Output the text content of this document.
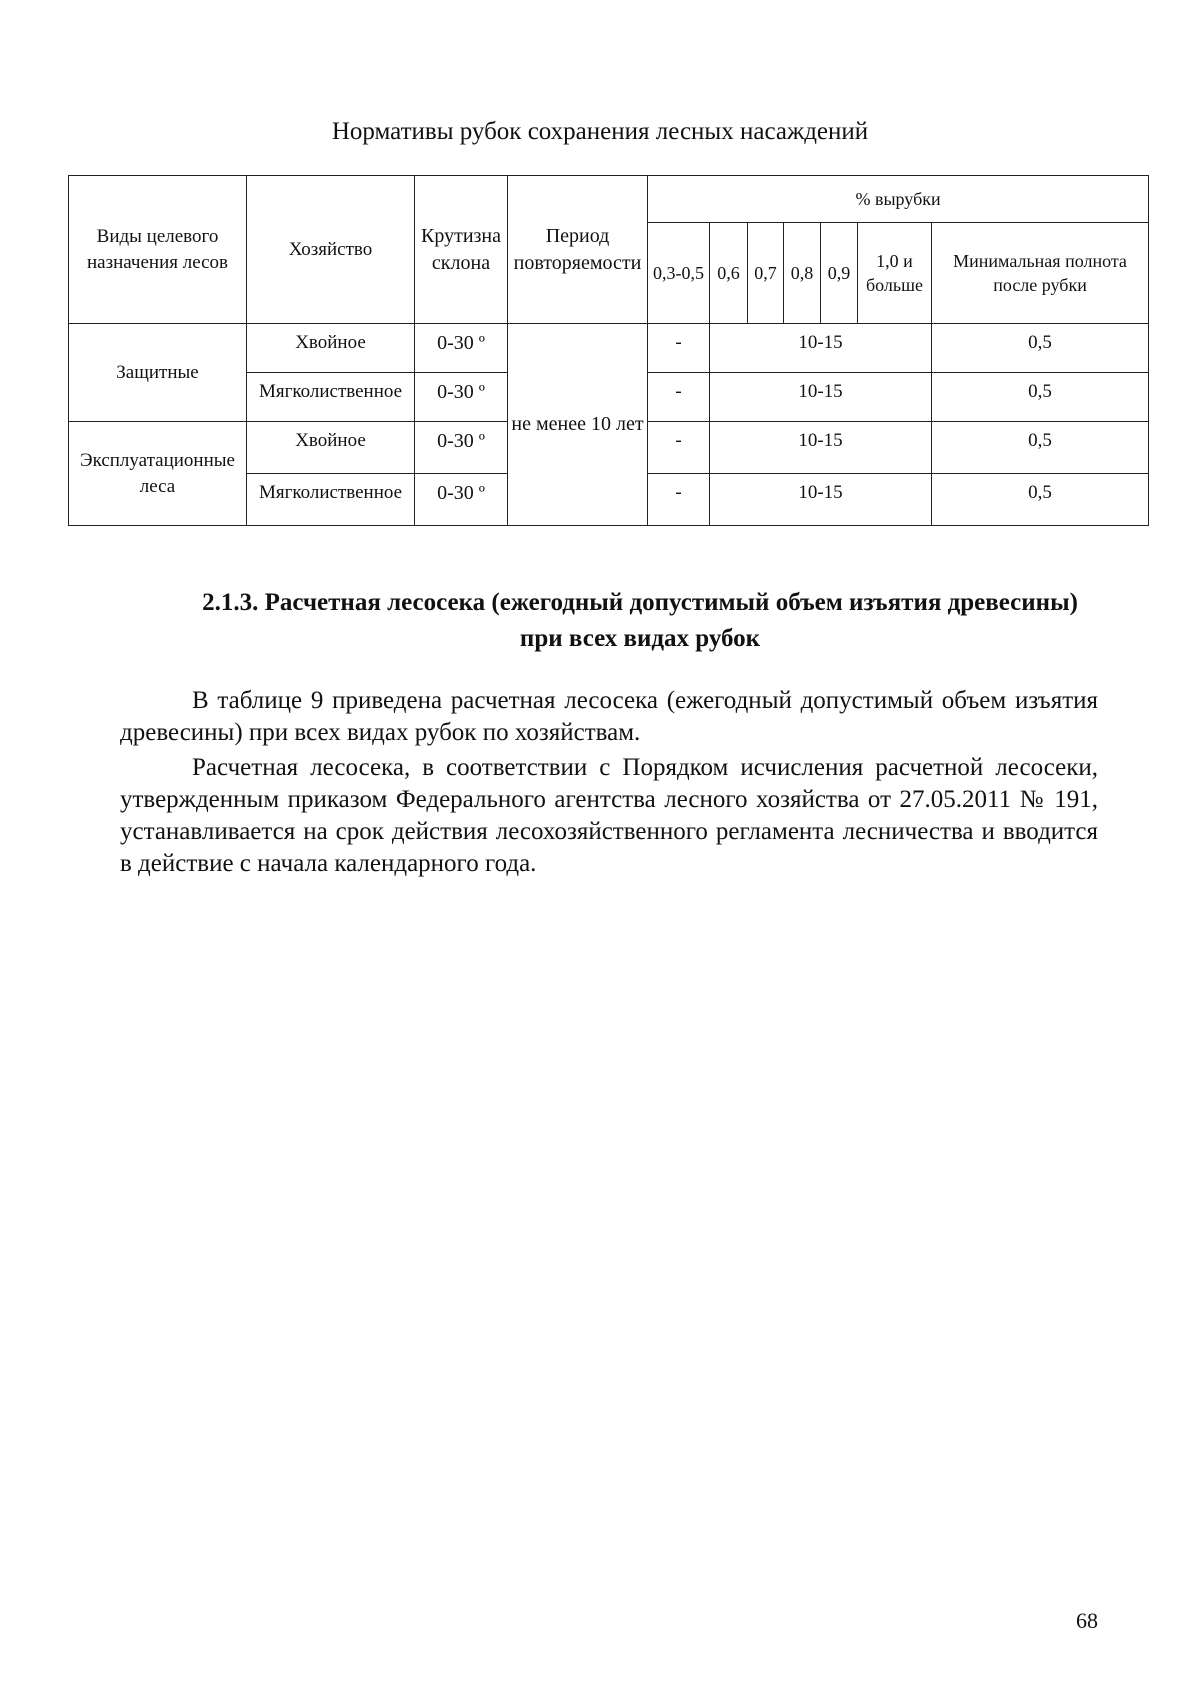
Нормативы рубок сохранения лесных насаждений
Виды целевого назначения лесов	Хозяйство	Крутизна склона	Период повторяемости	% вырубки						
				0,3-0,5	0,6	0,7	0,8	0,9	1,0 и больше	Минимальная полнота после рубки
Защитные	Хвойное	0-30 º	не менее 10 лет	-	10-15					0,5
	Мягколиственное	0-30 º		-	10-15					0,5
Эксплуатационные леса	Хвойное	0-30 º		-	10-15					0,5
	Мягколиственное	0-30 º		-	10-15					0,5
2.1.3. Расчетная лесосека (ежегодный допустимый объем изъятия древесины) при всех видах рубок

В таблице 9 приведена расчетная лесосека (ежегодный допустимый объем изъятия древесины) при всех видах рубок по хозяйствам.

Расчетная лесосека, в соответствии с Порядком исчисления расчетной лесосеки, утвержденным приказом Федерального агентства лесного хозяйства от 27.05.2011 № 191, устанавливается на срок действия лесохозяйственного регламента лесничества и вводится в действие с начала календарного года.

68
